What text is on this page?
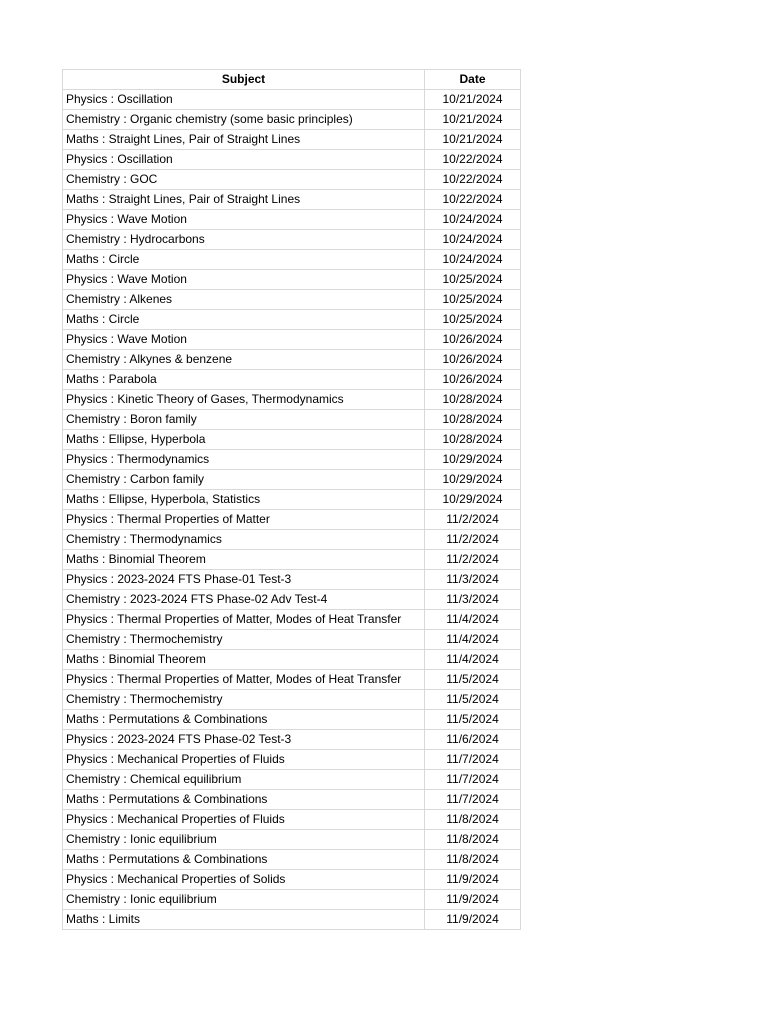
Subject	Date
Physics : Oscillation	10/21/2024
Chemistry : Organic chemistry (some basic principles)	10/21/2024
Maths : Straight Lines, Pair of Straight Lines	10/21/2024
Physics : Oscillation	10/22/2024
Chemistry : GOC	10/22/2024
Maths : Straight Lines, Pair of Straight Lines	10/22/2024
Physics : Wave Motion	10/24/2024
Chemistry : Hydrocarbons	10/24/2024
Maths : Circle	10/24/2024
Physics : Wave Motion	10/25/2024
Chemistry : Alkenes	10/25/2024
Maths : Circle	10/25/2024
Physics : Wave Motion	10/26/2024
Chemistry : Alkynes & benzene	10/26/2024
Maths : Parabola	10/26/2024
Physics : Kinetic Theory of Gases, Thermodynamics	10/28/2024
Chemistry : Boron family	10/28/2024
Maths : Ellipse, Hyperbola	10/28/2024
Physics : Thermodynamics	10/29/2024
Chemistry : Carbon family	10/29/2024
Maths : Ellipse, Hyperbola, Statistics	10/29/2024
Physics : Thermal Properties of Matter	11/2/2024
Chemistry : Thermodynamics	11/2/2024
Maths : Binomial Theorem	11/2/2024
Physics : 2023-2024 FTS Phase-01 Test-3	11/3/2024
Chemistry : 2023-2024 FTS Phase-02 Adv Test-4	11/3/2024
Physics : Thermal Properties of Matter, Modes of Heat Transfer	11/4/2024
Chemistry : Thermochemistry	11/4/2024
Maths : Binomial Theorem	11/4/2024
Physics : Thermal Properties of Matter, Modes of Heat Transfer	11/5/2024
Chemistry : Thermochemistry	11/5/2024
Maths : Permutations & Combinations	11/5/2024
Physics : 2023-2024 FTS Phase-02 Test-3	11/6/2024
Physics : Mechanical Properties of Fluids	11/7/2024
Chemistry : Chemical equilibrium	11/7/2024
Maths : Permutations & Combinations	11/7/2024
Physics : Mechanical Properties of Fluids	11/8/2024
Chemistry : Ionic equilibrium	11/8/2024
Maths : Permutations & Combinations	11/8/2024
Physics : Mechanical Properties of Solids	11/9/2024
Chemistry : Ionic equilibrium	11/9/2024
Maths : Limits	11/9/2024
